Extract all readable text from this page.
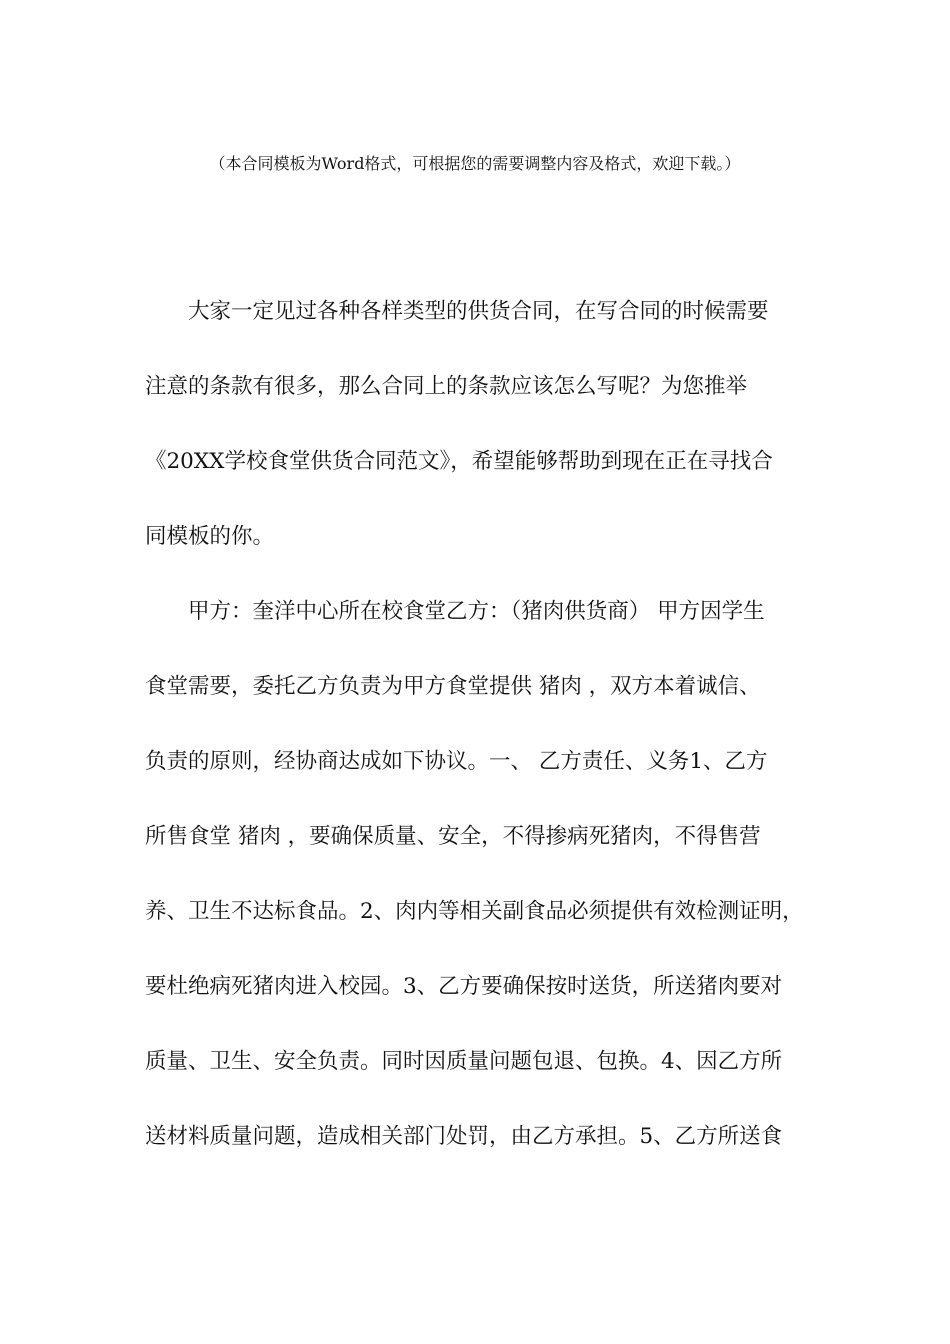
（本合同模板为Word格式，可根据您的需要调整内容及格式，欢迎下载。）
　　大家一定见过各种各样类型的供货合同，在写合同的时候需要
注意的条款有很多，那么合同上的条款应该怎么写呢？为您推举
《20XX学校食堂供货合同范文》，希望能够帮助到现在正在寻找合
同模板的你。
　　甲方：奎洋中心所在校食堂乙方：（猪肉供货商） 甲方因学生
食堂需要，委托乙方负责为甲方食堂提供 猪肉 ，双方本着诚信、
负责的原则，经协商达成如下协议。一、 乙方责任、义务1、乙方
所售食堂 猪肉 ，要确保质量、安全，不得掺病死猪肉，不得售营
养、卫生不达标食品。2、肉内等相关副食品必须提供有效检测证明，
要杜绝病死猪肉进入校园。3、乙方要确保按时送货，所送猪肉要对
质量、卫生、安全负责。同时因质量问题包退、包换。4、因乙方所
送材料质量问题，造成相关部门处罚，由乙方承担。5、乙方所送食
